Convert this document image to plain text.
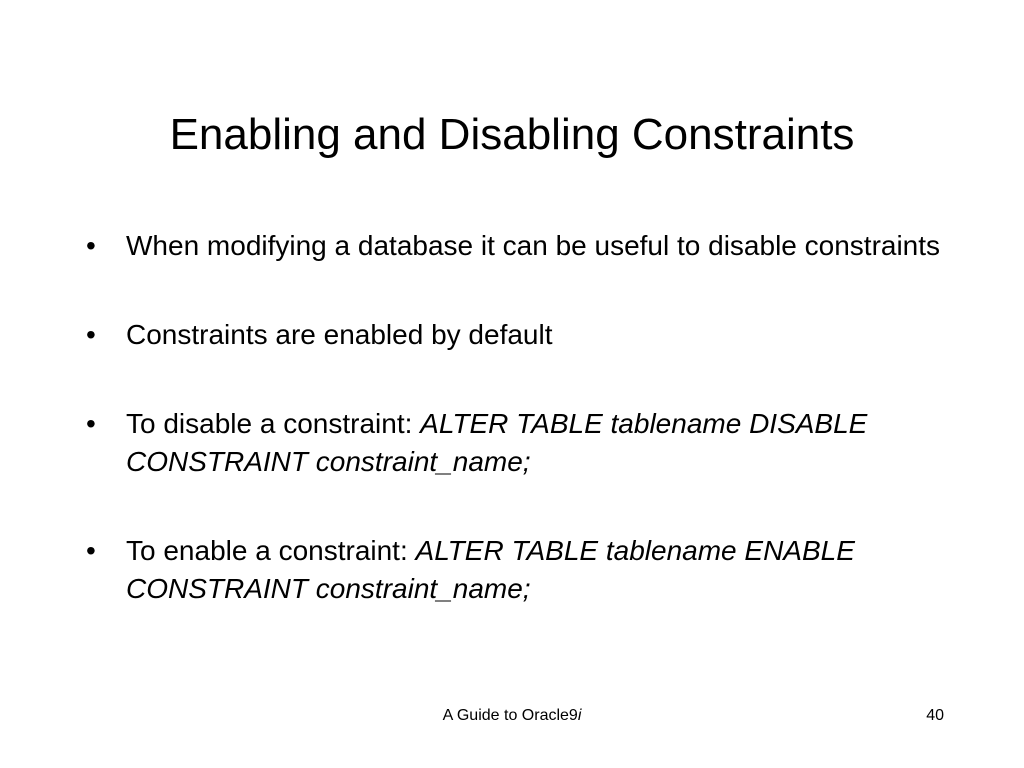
Enabling and Disabling Constraints
•	When modifying a database it can be useful to disable constraints
•	Constraints are enabled by default
•	To disable a constraint: ALTER TABLE tablename DISABLE CONSTRAINT constraint_name;
•	To enable a constraint: ALTER TABLE tablename ENABLE CONSTRAINT constraint_name;
A Guide to Oracle9i	40
